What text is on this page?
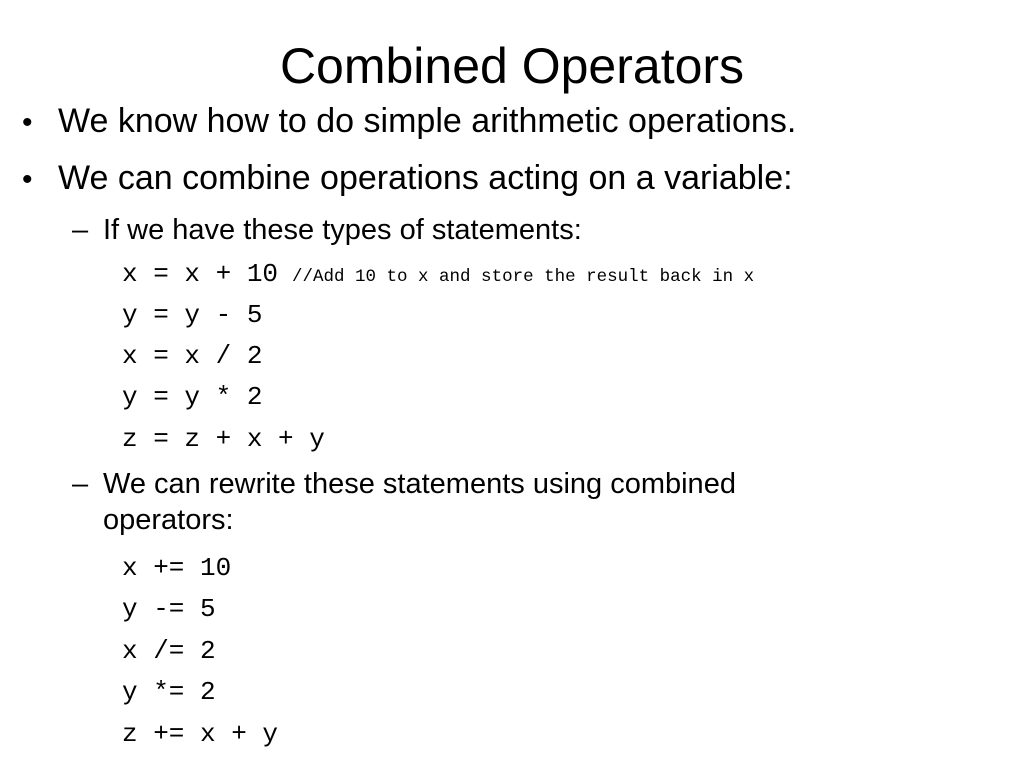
Combined Operators
• We know how to do simple arithmetic operations.
• We can combine operations acting on a variable:
– If we have these types of statements:
x = x + 10 //Add 10 to x and store the result back in x
y = y - 5
x = x / 2
y = y * 2
z = z + x + y
– We can rewrite these statements using combined operators:
x += 10
y -= 5
x /= 2
y *= 2
z += x + y
